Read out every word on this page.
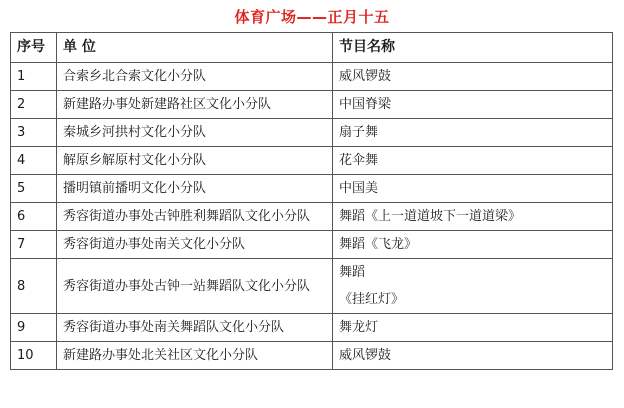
体育广场——正月十五
序号	单 位	节目名称
1	合索乡北合索文化小分队	威风锣鼓
2	新建路办事处新建路社区文化小分队	中国脊梁
3	秦城乡河拱村文化小分队	扇子舞
4	解原乡解原村文化小分队	花伞舞
5	播明镇前播明文化小分队	中国美
6	秀容街道办事处古钟胜利舞蹈队文化小分队	舞蹈《上一道道坡下一道道梁》
7	秀容街道办事处南关文化小分队	舞蹈《飞龙》
8	秀容街道办事处古钟一站舞蹈队文化小分队	舞蹈
《挂红灯》

9	秀容街道办事处南关舞蹈队文化小分队	舞龙灯
10	新建路办事处北关社区文化小分队	威风锣鼓
